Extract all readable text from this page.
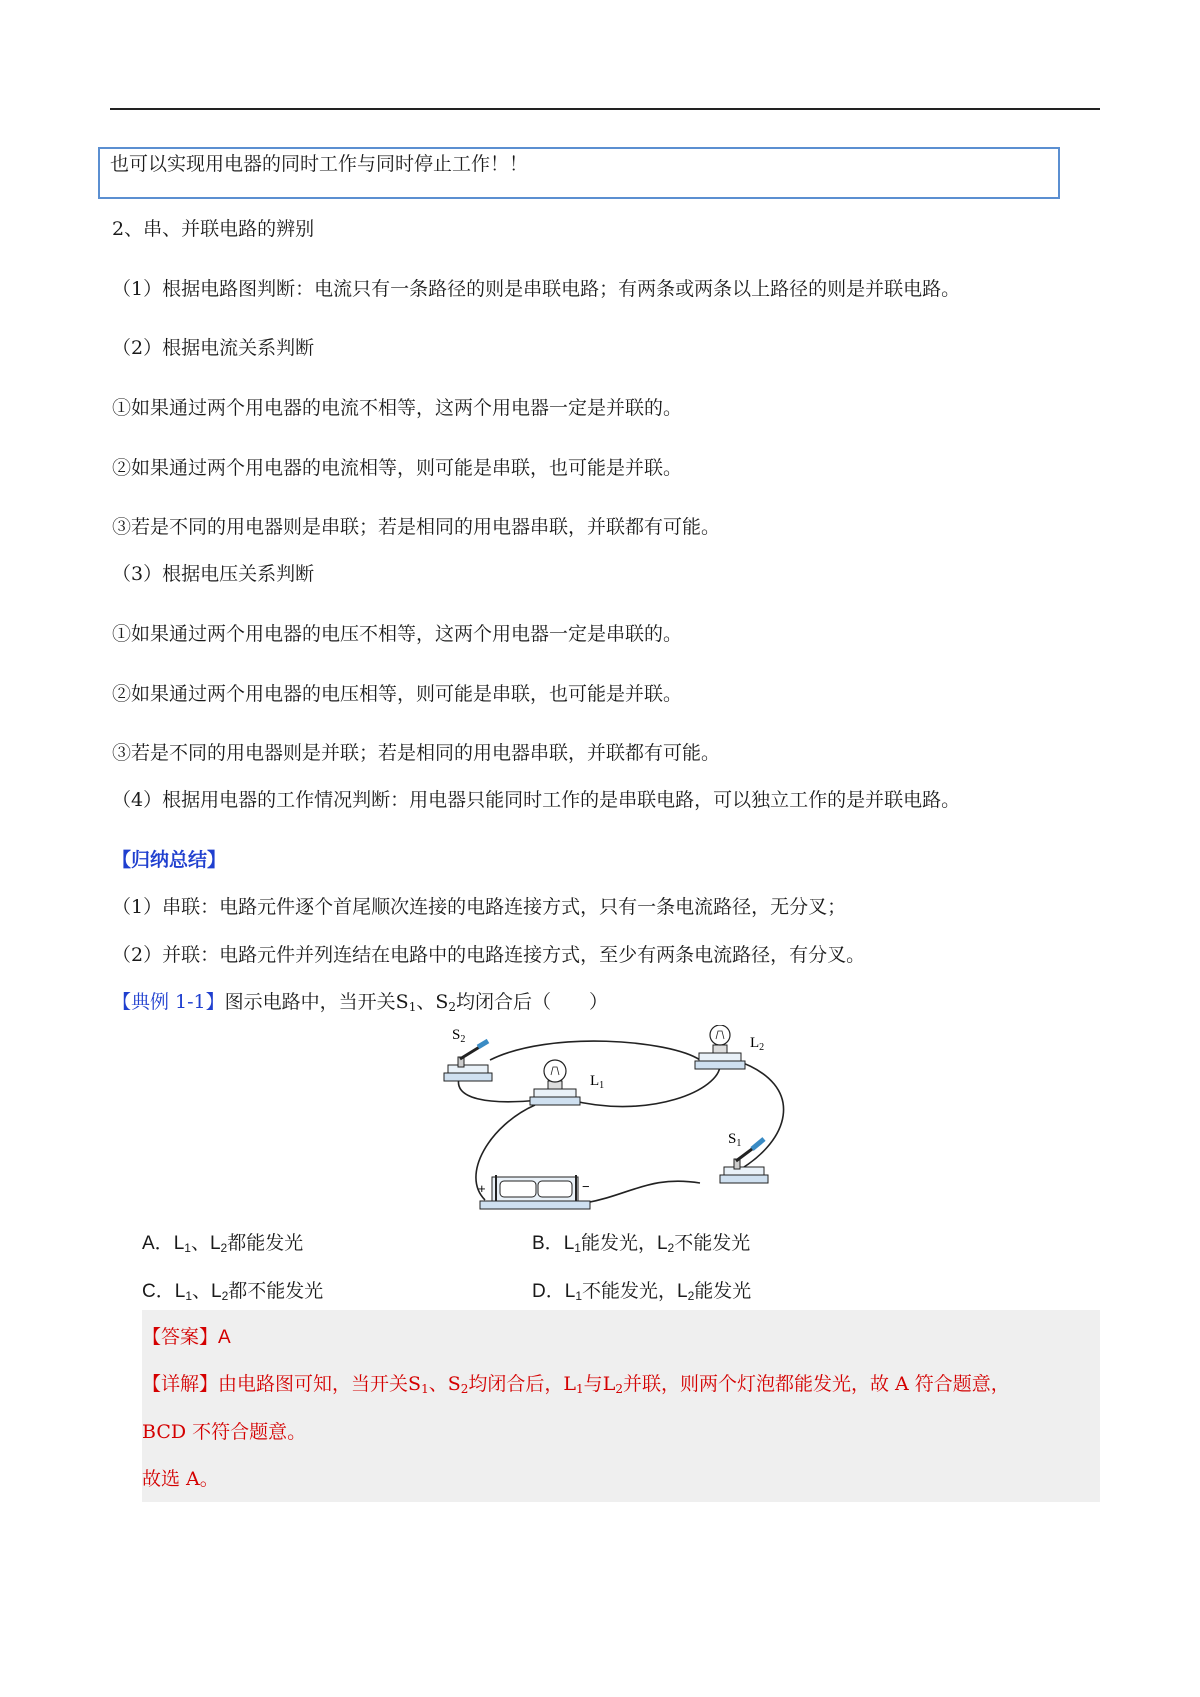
也可以实现用电器的同时工作与同时停止工作！！
2、串、并联电路的辨别
（1）根据电路图判断：电流只有一条路径的则是串联电路；有两条或两条以上路径的则是并联电路。
（2）根据电流关系判断
①如果通过两个用电器的电流不相等，这两个用电器一定是并联的。
②如果通过两个用电器的电流相等，则可能是串联，也可能是并联。
③若是不同的用电器则是串联；若是相同的用电器串联，并联都有可能。
（3）根据电压关系判断
①如果通过两个用电器的电压不相等，这两个用电器一定是串联的。
②如果通过两个用电器的电压相等，则可能是串联，也可能是并联。
③若是不同的用电器则是并联；若是相同的用电器串联，并联都有可能。
（4）根据用电器的工作情况判断：用电器只能同时工作的是串联电路，可以独立工作的是并联电路。
【归纳总结】
（1）串联：电路元件逐个首尾顺次连接的电路连接方式，只有一条电流路径，无分叉；
（2）并联：电路元件并列连结在电路中的电路连接方式，至少有两条电流路径，有分叉。
【典例 1-1】图示电路中，当开关$S_1$、$S_2$均闭合后（　　）
$S_2$
$L_1$
$L_2$
$S_1$
+	−
A．$L_1$、$L_2$都能发光	B．$L_1$能发光，$L_2$不能发光
C．$L_1$、$L_2$都不能发光	D．$L_1$不能发光，$L_2$能发光
【答案】A
【详解】由电路图可知，当开关$S_1$、$S_2$均闭合后，$L_1$与$L_2$并联，则两个灯泡都能发光，故 A 符合题意，
BCD 不符合题意。
故选 A。
